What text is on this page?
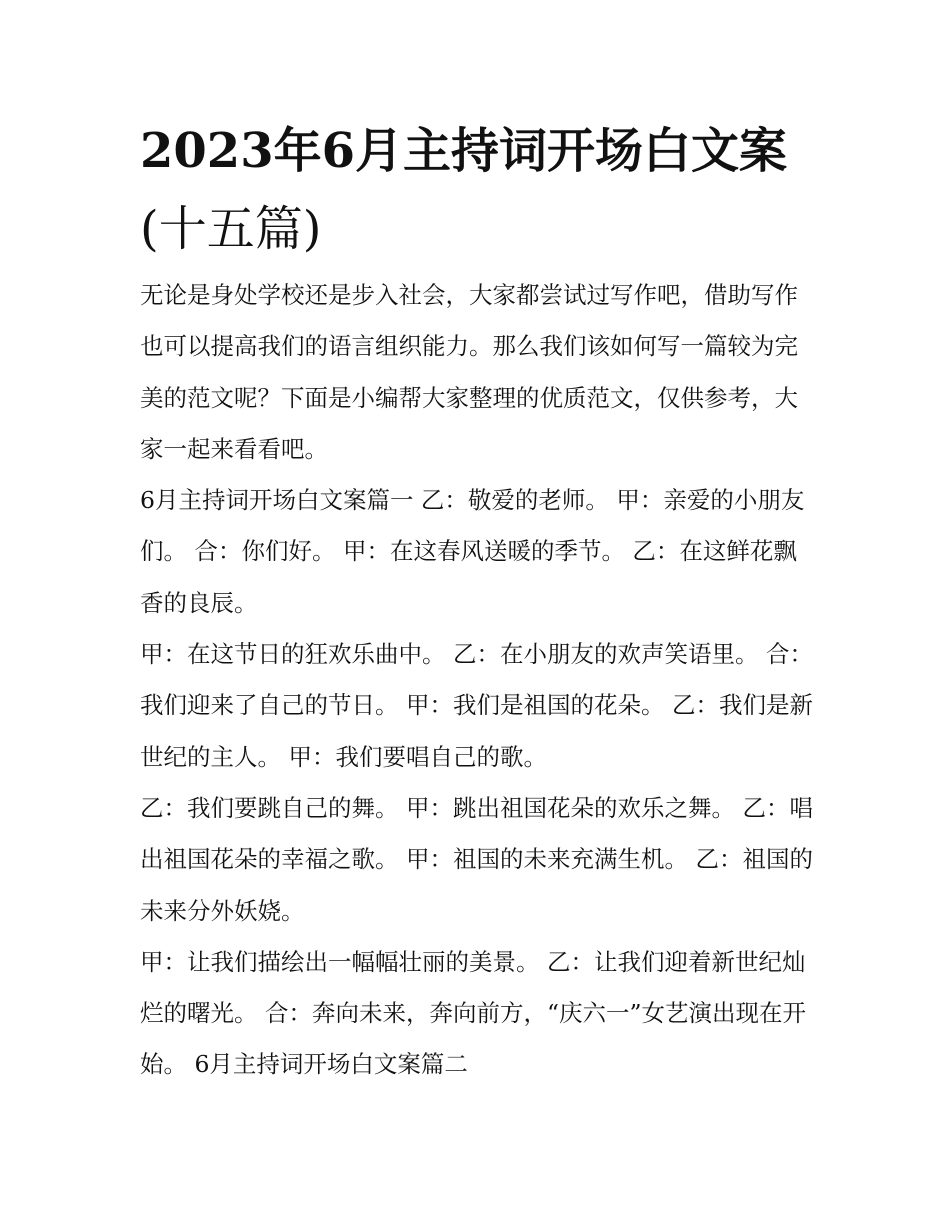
2023年6月主持词开场白文案
(十五篇)

无论是身处学校还是步入社会，大家都尝试过写作吧，借助写作也可以提高我们的语言组织能力。那么我们该如何写一篇较为完美的范文呢？下面是小编帮大家整理的优质范文，仅供参考，大家一起来看看吧。

6月主持词开场白文案篇一 乙：敬爱的老师。 甲：亲爱的小朋友们。 合：你们好。 甲：在这春风送暖的季节。 乙：在这鲜花飘香的良辰。

甲：在这节日的狂欢乐曲中。 乙：在小朋友的欢声笑语里。 合：我们迎来了自己的节日。 甲：我们是祖国的花朵。 乙：我们是新世纪的主人。 甲：我们要唱自己的歌。

乙：我们要跳自己的舞。 甲：跳出祖国花朵的欢乐之舞。 乙：唱出祖国花朵的幸福之歌。 甲：祖国的未来充满生机。 乙：祖国的未来分外妖娆。

甲：让我们描绘出一幅幅壮丽的美景。 乙：让我们迎着新世纪灿烂的曙光。 合：奔向未来，奔向前方，“庆六一”女艺演出现在开始。 6月主持词开场白文案篇二
